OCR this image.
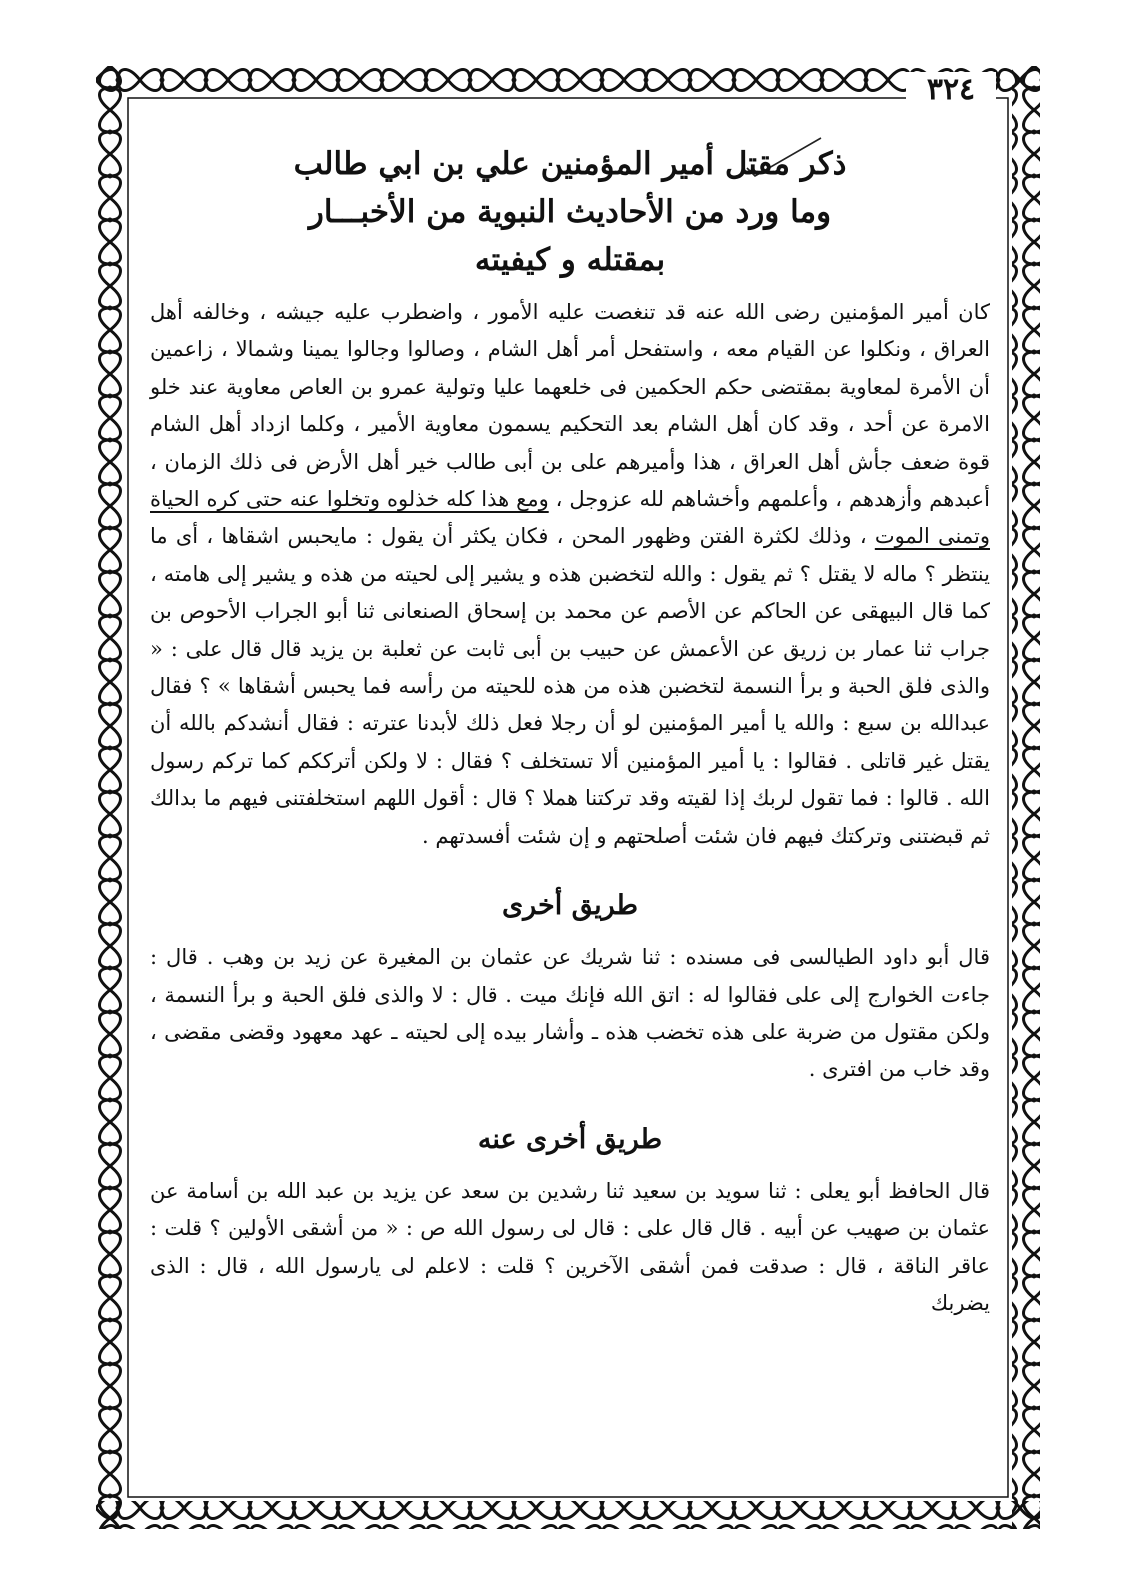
٣٢٤

ذكر مقتل أمير المؤمنين علي بن ابي طالب

وما ورد من الأحاديث النبوية من الأخبـــار

بمقتله و كيفيته

كان أمير المؤمنين رضى الله عنه قد تنغصت عليه الأمور ، واضطرب عليه جيشه ، وخالفه أهل العراق ، ونكلوا عن القيام معه ، واستفحل أمر أهل الشام ، وصالوا وجالوا يمينا وشمالا ، زاعمين أن الأمرة لمعاوية بمقتضى حكم الحكمين فى خلعهما عليا وتولية عمرو بن العاص معاوية عند خلو الامرة عن أحد ، وقد كان أهل الشام بعد التحكيم يسمون معاوية الأمير ، وكلما ازداد أهل الشام قوة ضعف جأش أهل العراق ، هذا وأميرهم على بن أبى طالب خير أهل الأرض فى ذلك الزمان ، أعبدهم وأزهدهم ، وأعلمهم وأخشاهم لله عزوجل ، ومع هذا كله خذلوه وتخلوا عنه حتى كره الحياة وتمنى الموت ، وذلك لكثرة الفتن وظهور المحن ، فكان يكثر أن يقول : مايحبس اشقاها ، أى ما ينتظر ؟ ماله لا يقتل ؟ ثم يقول : والله لتخضبن هذه و يشير إلى لحيته من هذه و يشير إلى هامته ، كما قال البيهقى عن الحاكم عن الأصم عن محمد بن إسحاق الصنعانى ثنا أبو الجراب الأحوص بن جراب ثنا عمار بن زريق عن الأعمش عن حبيب بن أبى ثابت عن ثعلبة بن يزيد قال قال على : « والذى فلق الحبة و برأ النسمة لتخضبن هذه من هذه للحيته من رأسه فما يحبس أشقاها » ؟ فقال عبدالله بن سبع : والله يا أمير المؤمنين لو أن رجلا فعل ذلك لأبدنا عترته : فقال أنشدكم بالله أن يقتل غير قاتلى . فقالوا : يا أمير المؤمنين ألا تستخلف ؟ فقال : لا ولكن أترككم كما تركم رسول الله . قالوا : فما تقول لربك إذا لقيته وقد تركتنا هملا ؟ قال : أقول اللهم استخلفتنى فيهم ما بدالك ثم قبضتنى وتركتك فيهم فان شئت أصلحتهم و إن شئت أفسدتهم .

طريق أخرى

قال أبو داود الطيالسى فى مسنده : ثنا شريك عن عثمان بن المغيرة عن زيد بن وهب . قال : جاءت الخوارج إلى على فقالوا له : اتق الله فإنك ميت . قال : لا والذى فلق الحبة و برأ النسمة ، ولكن مقتول من ضربة على هذه تخضب هذه ـ وأشار بيده إلى لحيته ـ عهد معهود وقضى مقضى ، وقد خاب من افترى .

طريق أخرى عنه

قال الحافظ أبو يعلى : ثنا سويد بن سعيد ثنا رشدين بن سعد عن يزيد بن عبد الله بن أسامة عن عثمان بن صهيب عن أبيه . قال قال على : قال لى رسول الله ص : « من أشقى الأولين ؟ قلت : عاقر الناقة ، قال : صدقت فمن أشقى الآخرين ؟ قلت : لاعلم لى يارسول الله ، قال : الذى يضربك
